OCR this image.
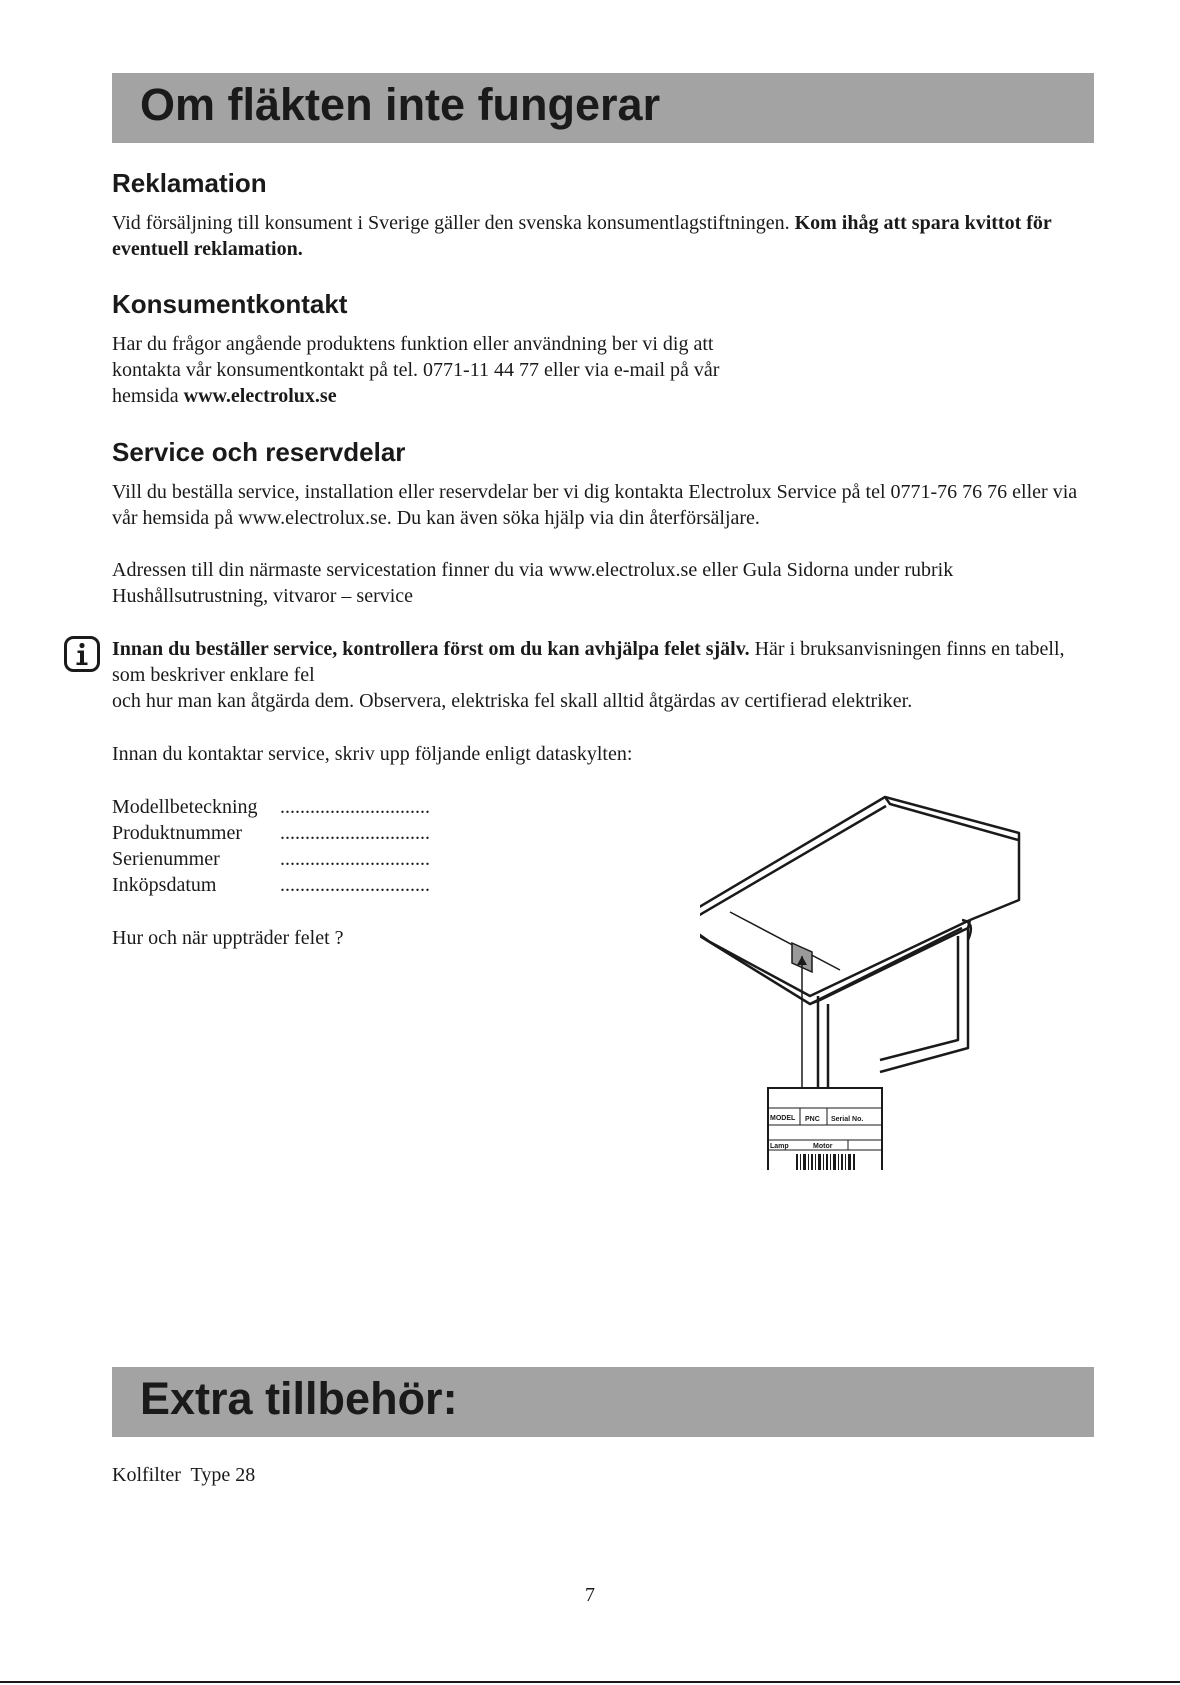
Om fläkten inte fungerar
Reklamation

Vid försäljning till konsument i Sverige gäller den svenska konsumentlagstiftningen. Kom ihåg att spara kvittot för eventuell reklamation.

Konsumentkontakt

Har du frågor angående produktens funktion eller användning ber vi dig att
kontakta vår konsumentkontakt på tel. 0771-11 44 77 eller via e-mail på vår
hemsida www.electrolux.se

Service och reservdelar

Vill du beställa service, installation eller reservdelar ber vi dig kontakta Electrolux Service på tel 0771-76 76 76 eller via vår hemsida på www.electrolux.se. Du kan även söka hjälp via din återförsäljare.

Adressen till din närmaste servicestation finner du via www.electrolux.se eller Gula Sidorna under rubrik Hushållsutrustning, vitvaror – service

Innan du beställer service, kontrollera först om du kan avhjälpa felet själv. Här i bruksanvisningen finns en tabell, som beskriver enklare fel
och hur man kan åtgärda dem. Observera, elektriska fel skall alltid åtgärdas av certifierad elektriker.

Innan du kontaktar service, skriv upp följande enligt dataskylten:

Modellbeteckning ..............................
Produktnummer ..............................
Serienummer	..............................
Inköpsdatum	..............................

Hur och när uppträder felet ?

MODEL PNC Serial No.
Lamp	Motor
Extra tillbehör:

Kolfilter  Type 28

7
